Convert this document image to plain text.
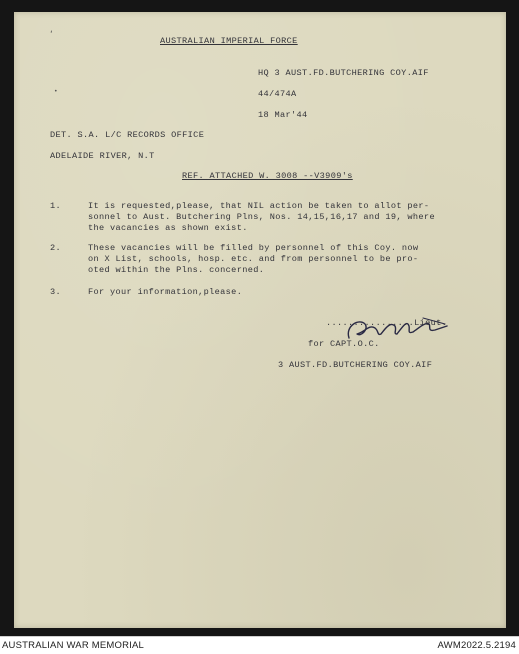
‘
•
AUSTRALIAN IMPERIAL FORCE
HQ 3 AUST.FD.BUTCHERING COY.AIF
44/474A
18 Mar'44
DET. S.A. L/C RECORDS OFFICE
ADELAIDE RIVER, N.T
REF. ATTACHED W. 3008 --V3909's
1.	It is requested,please, that NIL action be taken to allot per-
sonnel to Aust. Butchering Plns, Nos. 14,15,16,17 and 19, where
the vacancies as shown exist.
2.	These vacancies will be filled by personnel of this Coy. now
on X List, schools, hosp. etc. and from personnel to be pro-
oted within the Plns. concerned.
3.	For your information,please.
................Lieut.
for CAPT.O.C.
3 AUST.FD.BUTCHERING COY.AIF
AUSTRALIAN WAR MEMORIAL	AWM2022.5.2194
